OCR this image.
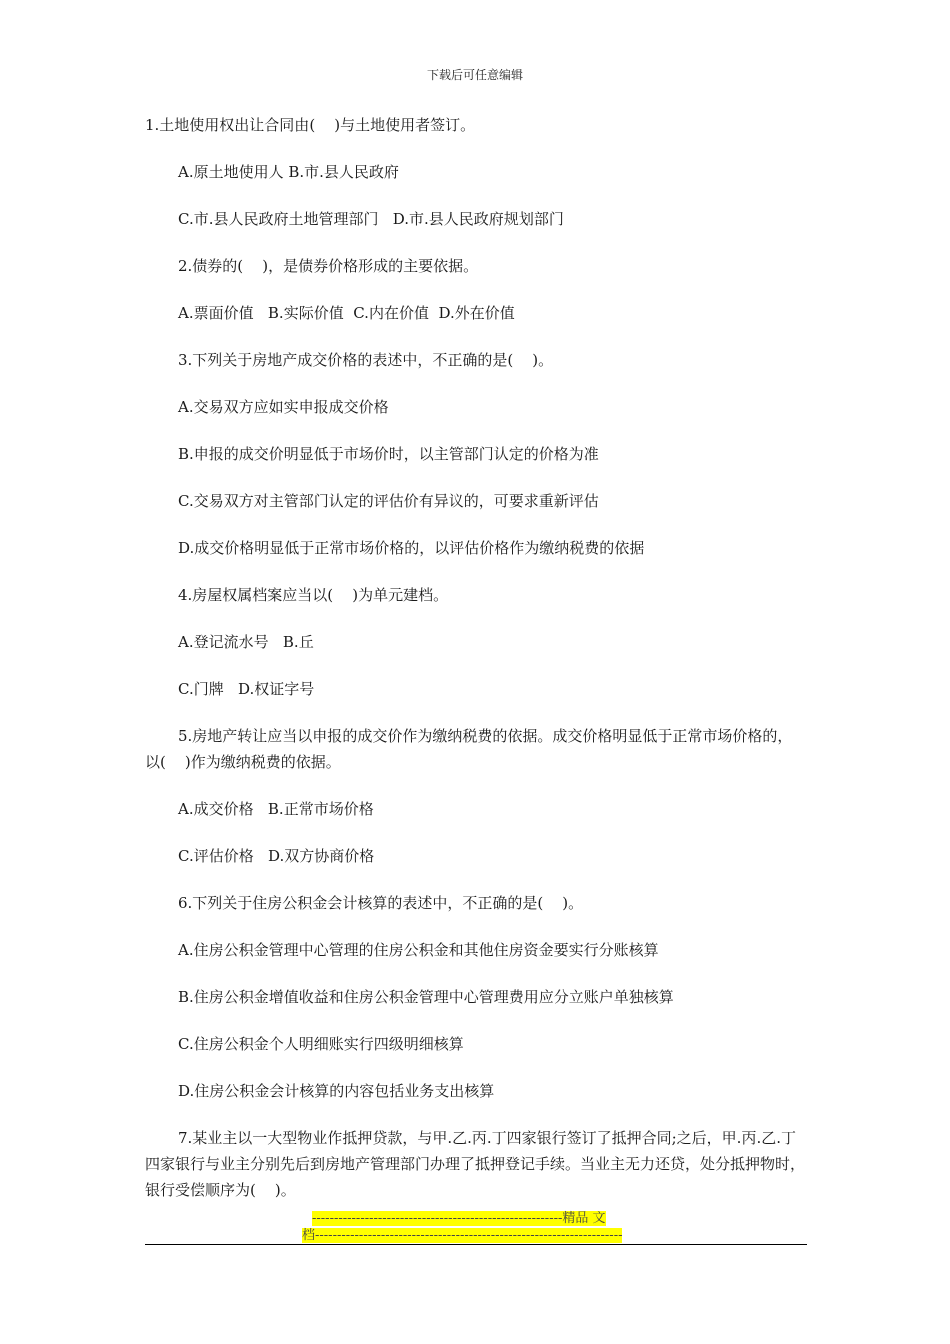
下载后可任意编辑

1.土地使用权出让合同由(    )与土地使用者签订。

A.原土地使用人 B.市.县人民政府

C.市.县人民政府土地管理部门   D.市.县人民政府规划部门

2.债券的(    )，是债券价格形成的主要依据。

A.票面价值   B.实际价值  C.内在价值  D.外在价值

3.下列关于房地产成交价格的表述中，不正确的是(    )。

A.交易双方应如实申报成交价格

B.申报的成交价明显低于市场价时，以主管部门认定的价格为准

C.交易双方对主管部门认定的评估价有异议的，可要求重新评估

D.成交价格明显低于正常市场价格的，以评估价格作为缴纳税费的依据

4.房屋权属档案应当以(    )为单元建档。

A.登记流水号   B.丘

C.门牌   D.权证字号

5.房地产转让应当以申报的成交价作为缴纳税费的依据。成交价格明显低于正常市场价格的，以(    )作为缴纳税费的依据。

A.成交价格   B.正常市场价格

C.评估价格   D.双方协商价格

6.下列关于住房公积金会计核算的表述中，不正确的是(    )。

A.住房公积金管理中心管理的住房公积金和其他住房资金要实行分账核算

B.住房公积金增值收益和住房公积金管理中心管理费用应分立账户单独核算

C.住房公积金个人明细账实行四级明细核算

D.住房公积金会计核算的内容包括业务支出核算

7.某业主以一大型物业作抵押贷款，与甲.乙.丙.丁四家银行签订了抵押合同;之后，甲.丙.乙.丁四家银行与业主分别先后到房地产管理部门办理了抵押登记手续。当业主无力还贷，处分抵押物时，银行受偿顺序为(    )。

---------------------------------------------------------精品 文
档----------------------------------------------------------------------
